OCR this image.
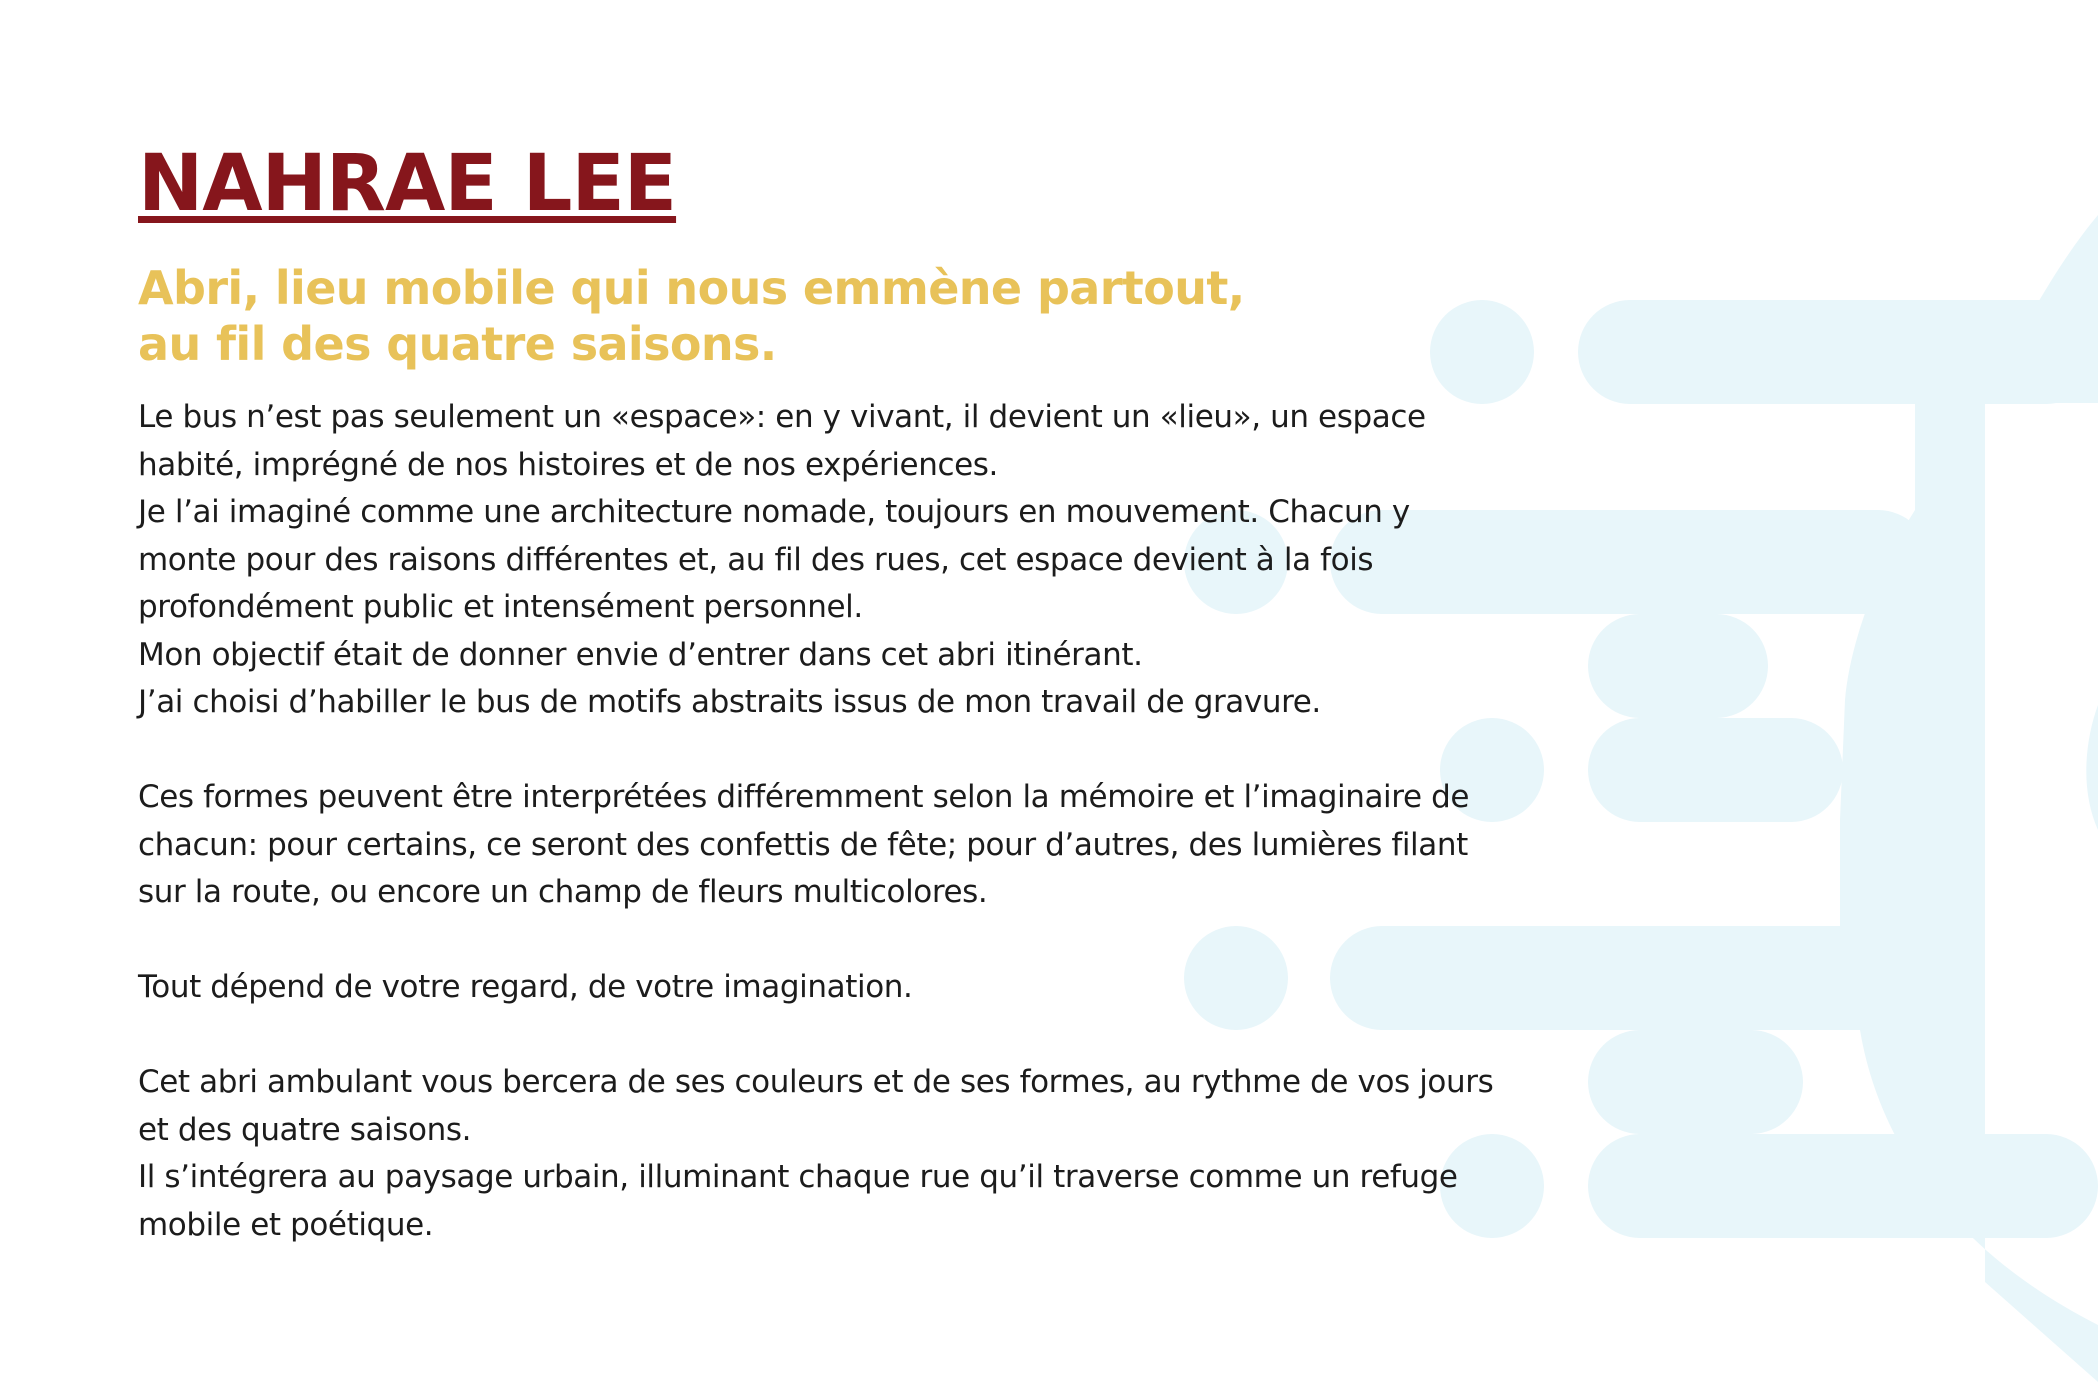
NAHRAE LEE
Abri, lieu mobile qui nous emmène partout,
au fil des quatre saisons.
Le bus n’est pas seulement un «espace»: en y vivant, il devient un «lieu», un espace
habité, imprégné de nos histoires et de nos expériences.
Je l’ai imaginé comme une architecture nomade, toujours en mouvement. Chacun y
monte pour des raisons différentes et, au fil des rues, cet espace devient à la fois
profondément public et intensément personnel.
Mon objectif était de donner envie d’entrer dans cet abri itinérant.
J’ai choisi d’habiller le bus de motifs abstraits issus de mon travail de gravure.
Ces formes peuvent être interprétées différemment selon la mémoire et l’imaginaire de
chacun: pour certains, ce seront des confettis de fête; pour d’autres, des lumières filant
sur la route, ou encore un champ de fleurs multicolores.
Tout dépend de votre regard, de votre imagination.
Cet abri ambulant vous bercera de ses couleurs et de ses formes, au rythme de vos jours
et des quatre saisons.
Il s’intégrera au paysage urbain, illuminant chaque rue qu’il traverse comme un refuge
mobile et poétique.
